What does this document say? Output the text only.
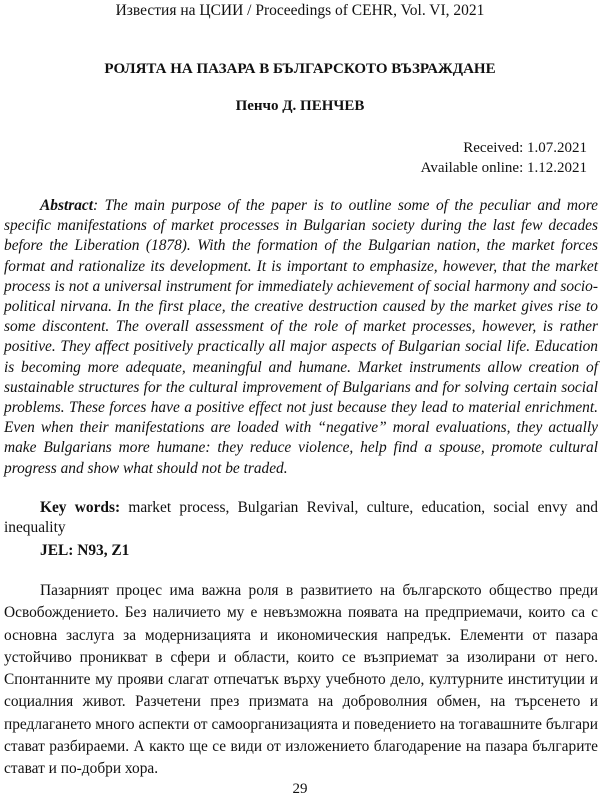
Известия на ЦСИИ / Proceedings of CEHR, Vol. VI, 2021
РОЛЯТА НА ПАЗАРА В БЪЛГАРСКОТО ВЪЗРАЖДАНЕ
Пенчо Д. ПЕНЧЕВ
Received: 1.07.2021
Available online: 1.12.2021

Abstract: The main purpose of the paper is to outline some of the peculiar and more specific manifestations of market processes in Bulgarian society during the last few decades before the Liberation (1878). With the formation of the Bulgarian nation, the market forces format and rationalize its development. It is important to emphasize, however, that the market process is not a universal instrument for immediately achievement of social harmony and socio-political nirvana. In the first place, the creative destruction caused by the market gives rise to some discontent. The overall assessment of the role of market processes, however, is rather positive. They affect positively practically all major aspects of Bulgarian social life. Education is becoming more adequate, meaningful and humane. Market instruments allow creation of sustainable structures for the cultural improvement of Bulgarians and for solving certain social problems. These forces have a positive effect not just because they lead to material enrichment. Even when their manifestations are loaded with “negative” moral evaluations, they actually make Bulgarians more humane: they reduce violence, help find a spouse, promote cultural progress and show what should not be traded.

Key words: market process, Bulgarian Revival, culture, education, social envy and inequality

JEL: N93, Z1

Пазарният процес има важна роля в развитието на българското общество преди Освобождението. Без наличието му е невъзможна появата на предприемачи, които са с основна заслуга за модернизацията и икономическия напредък. Елементи от пазара устойчиво проникват в сфери и области, които се възприемат за изолирани от него. Спонтанните му прояви слагат отпечатък върху учебното дело, културните институции и социалния живот. Разчетени през призмата на доброволния обмен, на търсенето и предлагането много аспекти от самоорганизацията и поведението на тогавашните българи стават разбираеми. А както ще се види от изложението благодарение на пазара българите стават и по-добри хора.

29
